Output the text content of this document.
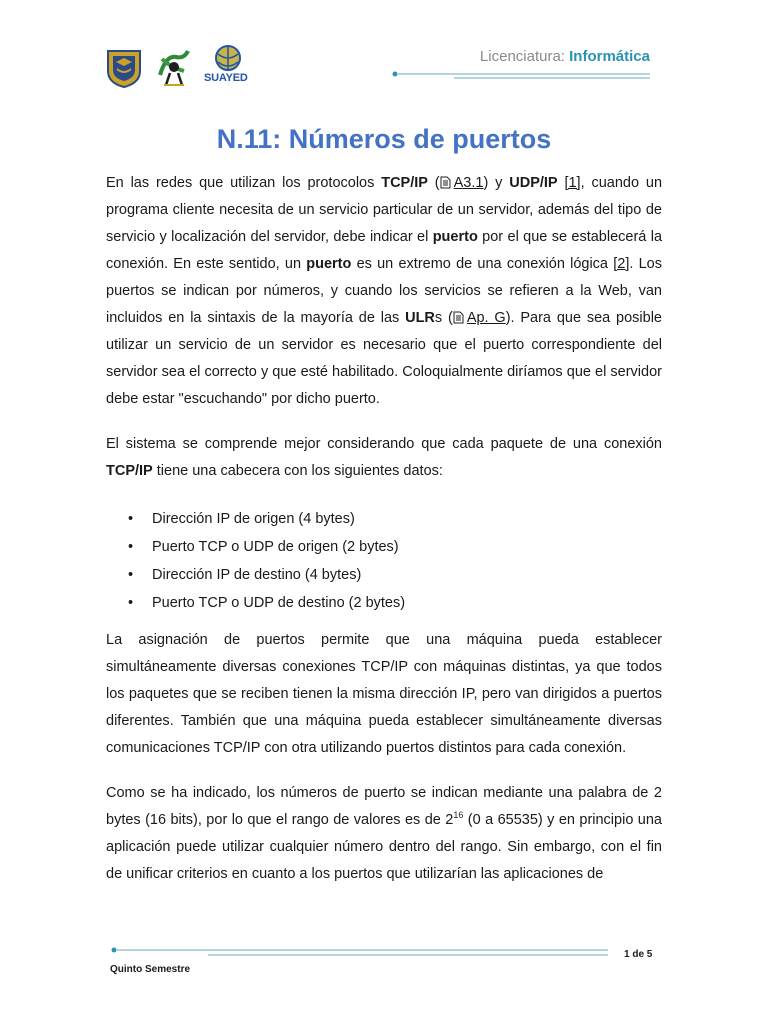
SUAYED
Licenciatura: Informática
N.11: Números de puertos

En las redes que utilizan los protocolos TCP/IP ( A3.1) y UDP/IP [1], cuando un programa cliente necesita de un servicio particular de un servidor, además del tipo de servicio y localización del servidor, debe indicar el puerto por el que se establecerá la conexión. En este sentido, un puerto es un extremo de una conexión lógica [2]. Los puertos se indican por números, y cuando los servicios se refieren a la Web, van incluidos en la sintaxis de la mayoría de las ULRs ( Ap. G). Para que sea posible utilizar un servicio de un servidor es necesario que el puerto correspondiente del servidor sea el correcto y que esté habilitado. Coloquialmente diríamos que el servidor debe estar "escuchando" por dicho puerto.

El sistema se comprende mejor considerando que cada paquete de una conexión TCP/IP tiene una cabecera con los siguientes datos:

• Dirección IP de origen (4 bytes)
• Puerto TCP o UDP de origen (2 bytes)
• Dirección IP de destino (4 bytes)
• Puerto TCP o UDP de destino (2 bytes)

La asignación de puertos permite que una máquina pueda establecer simultáneamente diversas conexiones TCP/IP con máquinas distintas, ya que todos los paquetes que se reciben tienen la misma dirección IP, pero van dirigidos a puertos diferentes. También que una máquina pueda establecer simultáneamente diversas comunicaciones TCP/IP con otra utilizando puertos distintos para cada conexión.

Como se ha indicado, los números de puerto se indican mediante una palabra de 2 bytes (16 bits), por lo que el rango de valores es de $2^{16}$ (0 a 65535) y en principio una aplicación puede utilizar cualquier número dentro del rango. Sin embargo, con el fin de unificar criterios en cuanto a los puertos que utilizarían las aplicaciones de

1 de 5
Quinto Semestre
